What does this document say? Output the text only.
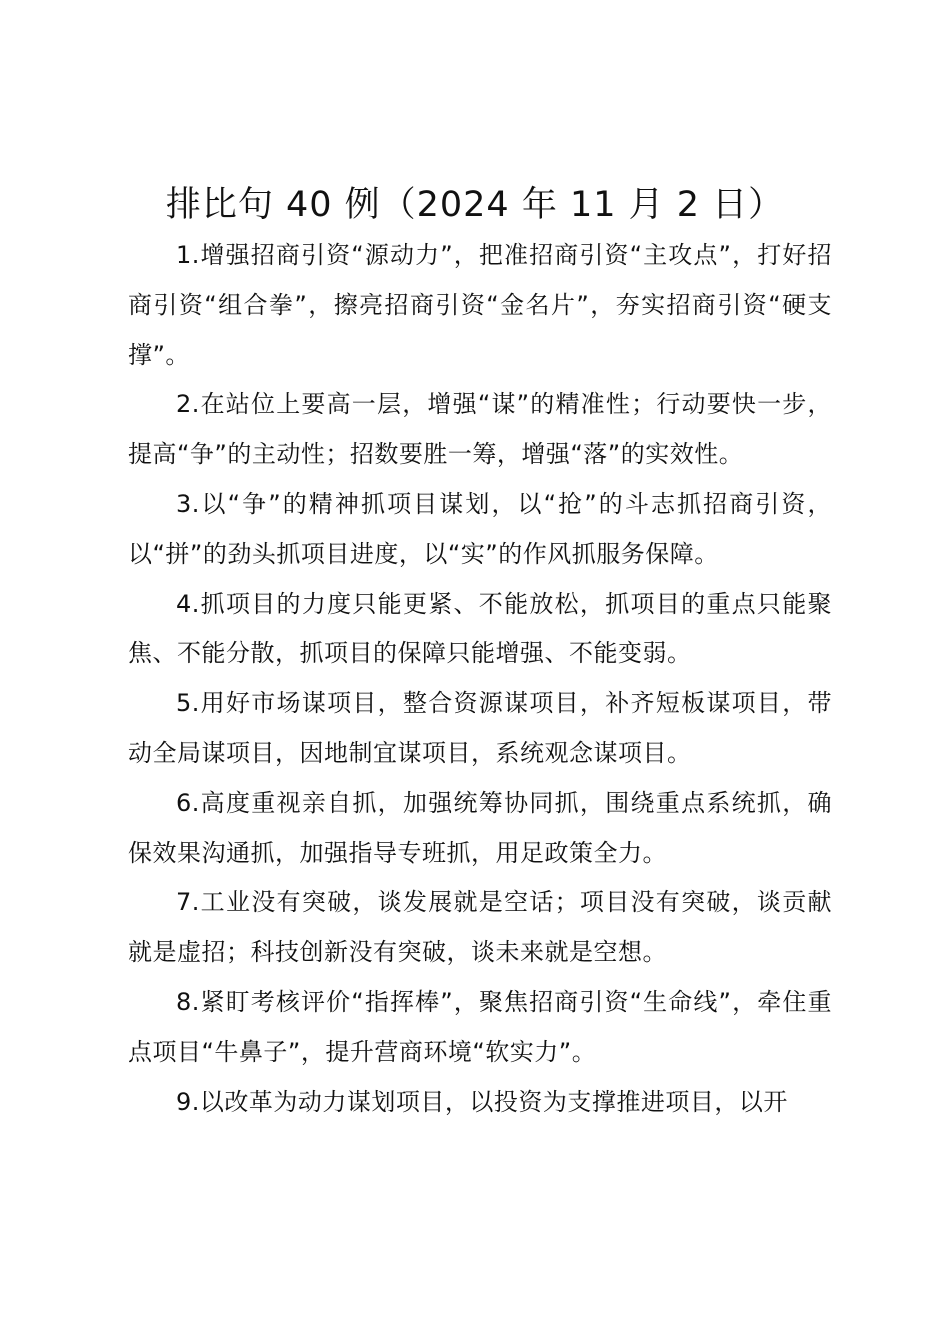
排比句 40 例（2024 年 11 月 2 日）

1.增强招商引资“源动力”，把准招商引资“主攻点”，打好招商引资“组合拳”，擦亮招商引资“金名片”，夯实招商引资“硬支撑”。

2.在站位上要高一层，增强“谋”的精准性；行动要快一步，提高“争”的主动性；招数要胜一筹，增强“落”的实效性。

3.以“争”的精神抓项目谋划，以“抢”的斗志抓招商引资，以“拼”的劲头抓项目进度，以“实”的作风抓服务保障。

4.抓项目的力度只能更紧、不能放松，抓项目的重点只能聚焦、不能分散，抓项目的保障只能增强、不能变弱。

5.用好市场谋项目，整合资源谋项目，补齐短板谋项目，带动全局谋项目，因地制宜谋项目，系统观念谋项目。

6.高度重视亲自抓，加强统筹协同抓，围绕重点系统抓，确保效果沟通抓，加强指导专班抓，用足政策全力。

7.工业没有突破，谈发展就是空话；项目没有突破，谈贡献就是虚招；科技创新没有突破，谈未来就是空想。

8.紧盯考核评价“指挥棒”，聚焦招商引资“生命线”，牵住重点项目“牛鼻子”，提升营商环境“软实力”。

9.以改革为动力谋划项目，以投资为支撑推进项目，以开
